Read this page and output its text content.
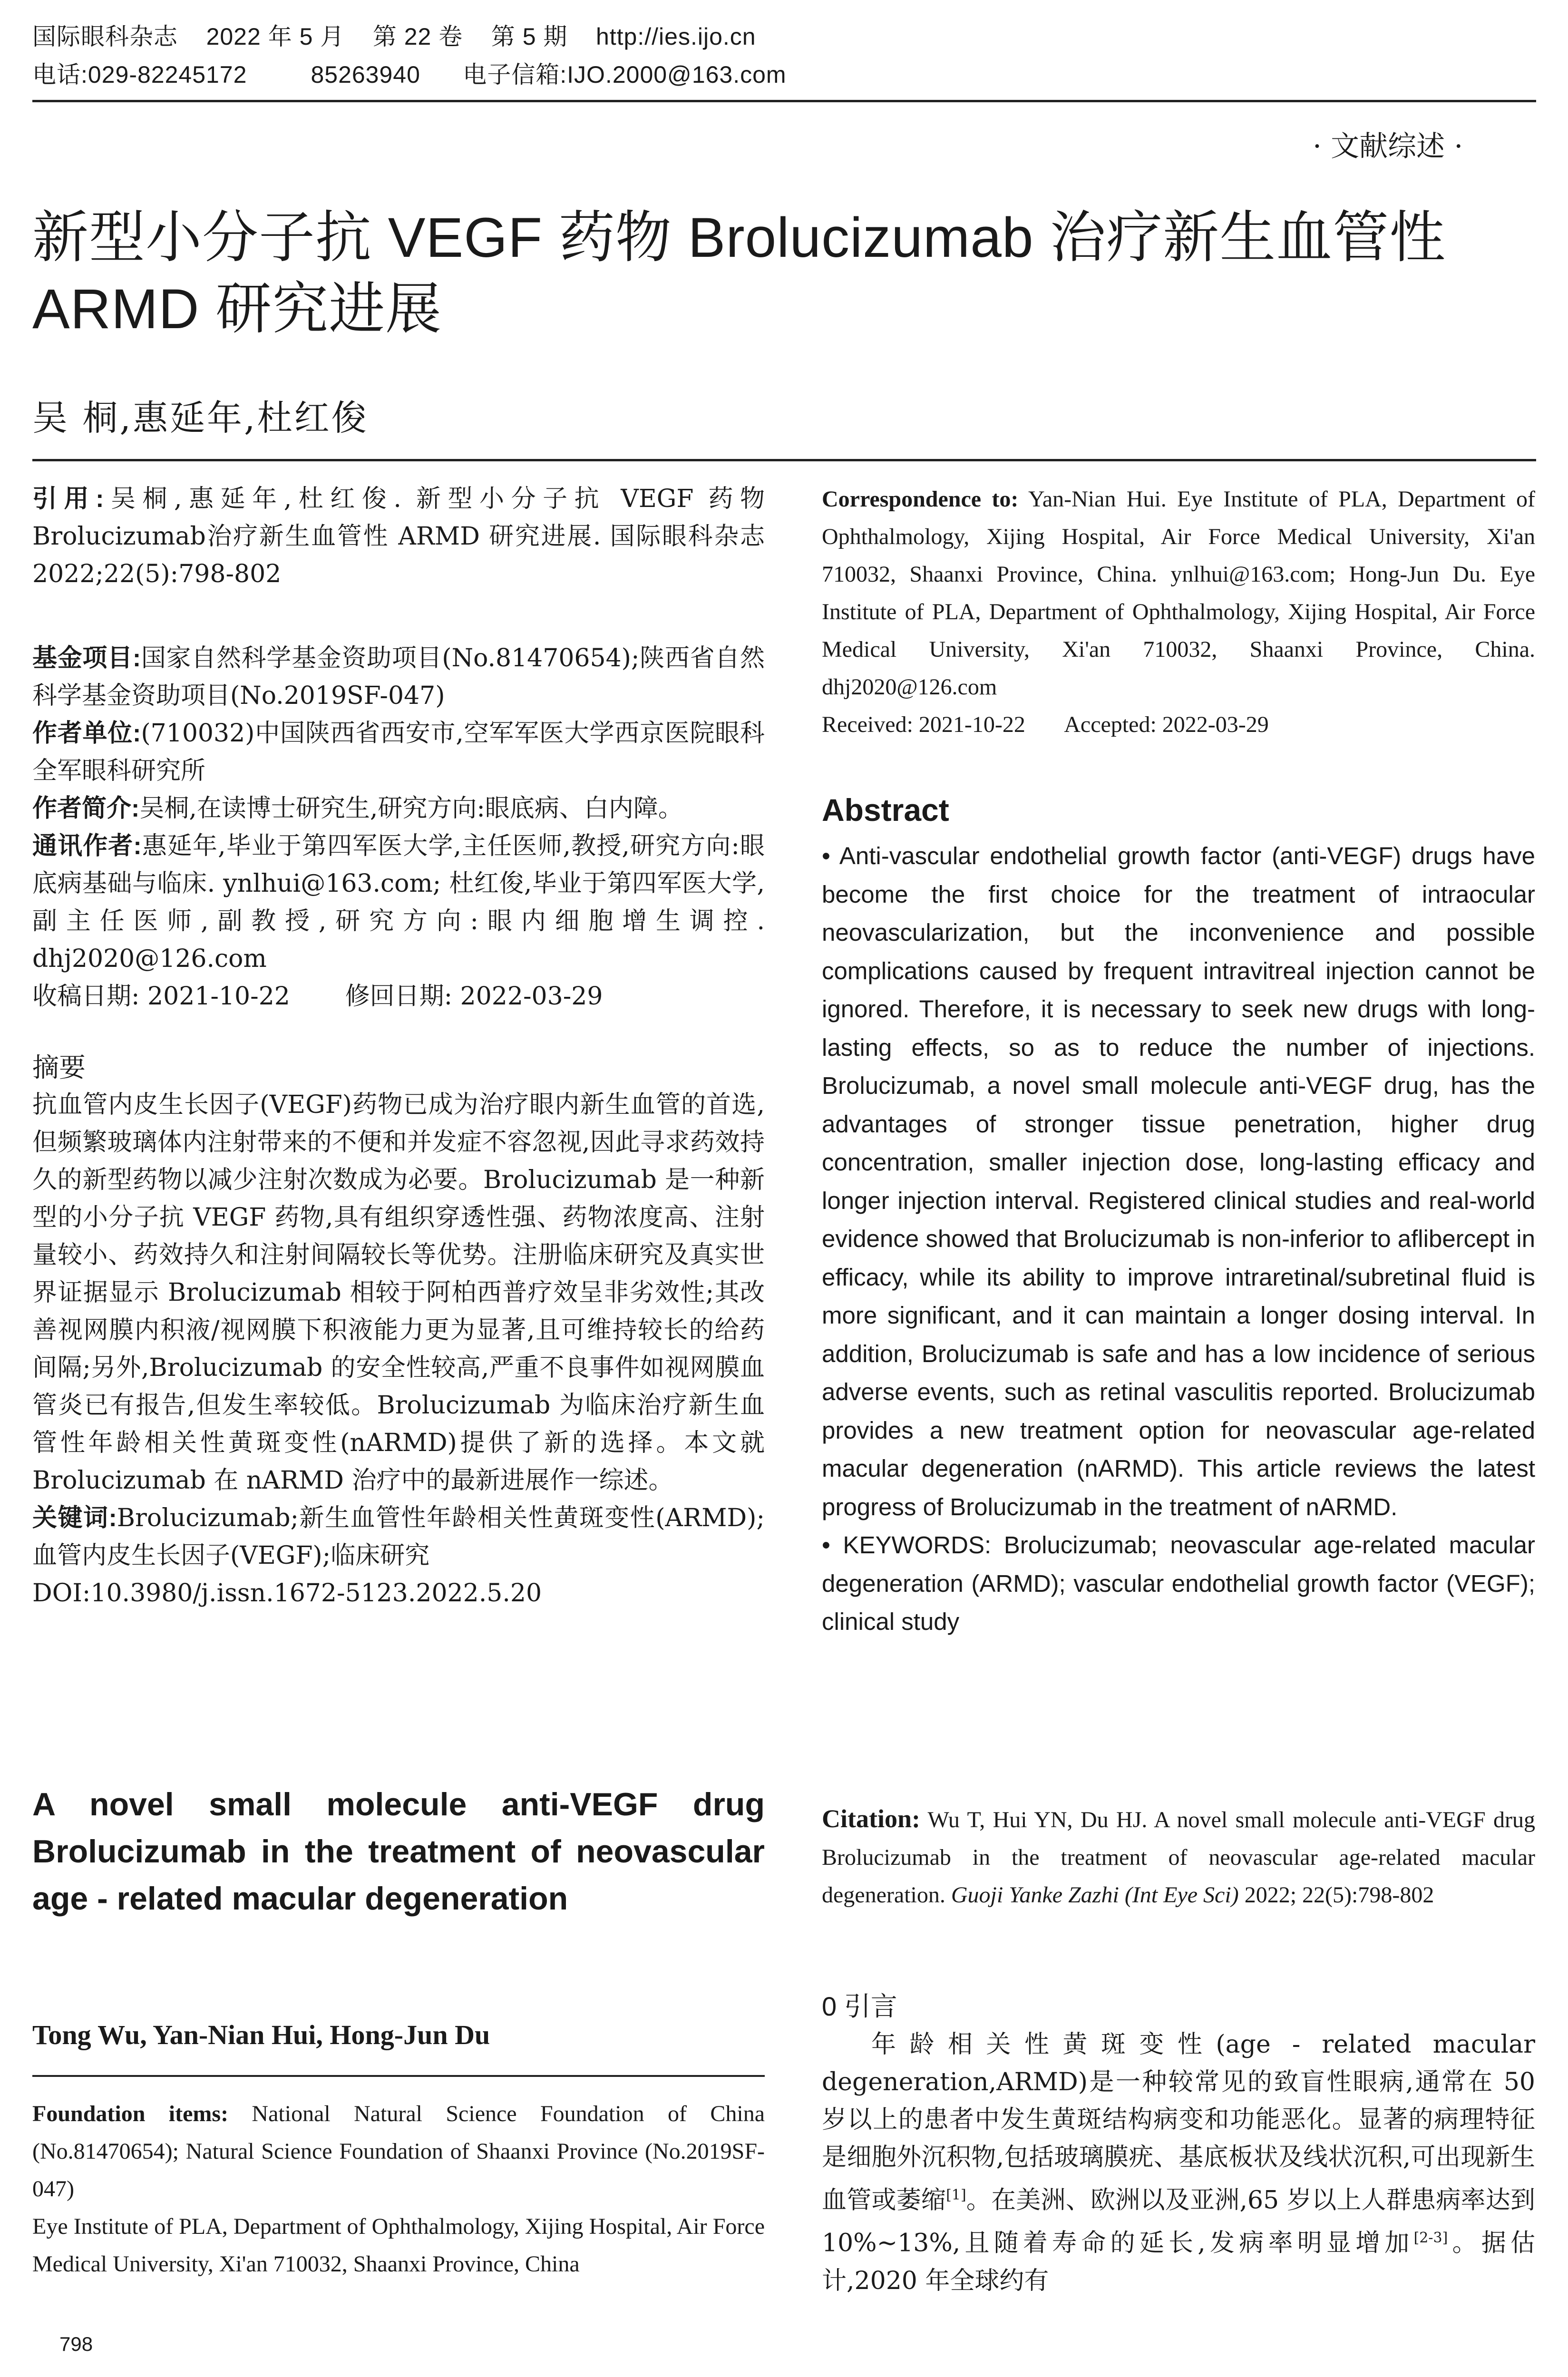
国际眼科杂志    2022 年 5 月    第 22 卷    第 5 期    http://ies.ijo.cn
电话:029-82245172         85263940      电子信箱:IJO.2000@163.com
· 文献综述 ·
新型小分子抗 VEGF 药物 Brolucizumab 治疗新生血管性
ARMD 研究进展
吴 桐,惠延年,杜红俊
引用:吴桐,惠延年,杜红俊. 新型小分子抗 VEGF 药物 Brolucizumab治疗新生血管性 ARMD 研究进展. 国际眼科杂志 2022;22(5):798-802
基金项目:国家自然科学基金资助项目(No.81470654);陕西省自然科学基金资助项目(No.2019SF-047)
作者单位:(710032)中国陕西省西安市,空军军医大学西京医院眼科 全军眼科研究所
作者简介:吴桐,在读博士研究生,研究方向:眼底病、白内障。
通讯作者:惠延年,毕业于第四军医大学,主任医师,教授,研究方向:眼底病基础与临床. ynlhui@163.com; 杜红俊,毕业于第四军医大学,副主任医师,副教授,研究方向:眼内细胞增生调控. dhj2020@126.com
收稿日期: 2021-10-22       修回日期: 2022-03-29
摘要
抗血管内皮生长因子(VEGF)药物已成为治疗眼内新生血管的首选,但频繁玻璃体内注射带来的不便和并发症不容忽视,因此寻求药效持久的新型药物以减少注射次数成为必要。Brolucizumab 是一种新型的小分子抗 VEGF 药物,具有组织穿透性强、药物浓度高、注射量较小、药效持久和注射间隔较长等优势。注册临床研究及真实世界证据显示 Brolucizumab 相较于阿柏西普疗效呈非劣效性;其改善视网膜内积液/视网膜下积液能力更为显著,且可维持较长的给药间隔;另外,Brolucizumab 的安全性较高,严重不良事件如视网膜血管炎已有报告,但发生率较低。Brolucizumab 为临床治疗新生血管性年龄相关性黄斑变性(nARMD)提供了新的选择。本文就 Brolucizumab 在 nARMD 治疗中的最新进展作一综述。
关键词:Brolucizumab;新生血管性年龄相关性黄斑变性(ARMD);血管内皮生长因子(VEGF);临床研究
DOI:10.3980/j.issn.1672-5123.2022.5.20
A novel small molecule anti-VEGF drug Brolucizumab in the treatment of neovascular age - related macular degeneration
Tong Wu, Yan-Nian Hui, Hong-Jun Du
Foundation items: National Natural Science Foundation of China (No.81470654); Natural Science Foundation of Shaanxi Province (No.2019SF-047)
Eye Institute of PLA, Department of Ophthalmology, Xijing Hospital, Air Force Medical University, Xi'an 710032, Shaanxi Province, China
798
Correspondence to: Yan-Nian Hui. Eye Institute of PLA, Department of Ophthalmology, Xijing Hospital, Air Force Medical University, Xi'an 710032, Shaanxi Province, China. ynlhui@163.com; Hong-Jun Du. Eye Institute of PLA, Department of Ophthalmology, Xijing Hospital, Air Force Medical University, Xi'an 710032, Shaanxi Province, China. dhj2020@126.com
Received: 2021-10-22       Accepted: 2022-03-29
Abstract

• Anti-vascular endothelial growth factor (anti-VEGF) drugs have become the first choice for the treatment of intraocular neovascularization, but the inconvenience and possible complications caused by frequent intravitreal injection cannot be ignored. Therefore, it is necessary to seek new drugs with long-lasting effects, so as to reduce the number of injections. Brolucizumab, a novel small molecule anti-VEGF drug, has the advantages of stronger tissue penetration, higher drug concentration, smaller injection dose, long-lasting efficacy and longer injection interval. Registered clinical studies and real-world evidence showed that Brolucizumab is non-inferior to aflibercept in efficacy, while its ability to improve intraretinal/subretinal fluid is more significant, and it can maintain a longer dosing interval. In addition, Brolucizumab is safe and has a low incidence of serious adverse events, such as retinal vasculitis reported. Brolucizumab provides a new treatment option for neovascular age-related macular degeneration (nARMD). This article reviews the latest progress of Brolucizumab in the treatment of nARMD.

• KEYWORDS: Brolucizumab; neovascular age-related macular degeneration (ARMD); vascular endothelial growth factor (VEGF); clinical study

Citation: Wu T, Hui YN, Du HJ. A novel small molecule anti-VEGF drug Brolucizumab in the treatment of neovascular age-related macular degeneration. Guoji Yanke Zazhi (Int Eye Sci) 2022; 22(5):798-802
0 引言
年龄相关性黄斑变性(age - related macular degeneration,ARMD)是一种较常见的致盲性眼病,通常在 50 岁以上的患者中发生黄斑结构病变和功能恶化。显著的病理特征是细胞外沉积物,包括玻璃膜疣、基底板状及线状沉积,可出现新生血管或萎缩[1]。在美洲、欧洲以及亚洲,65 岁以上人群患病率达到 10%~13%,且随着寿命的延长,发病率明显增加[2-3]。据估计,2020 年全球约有
